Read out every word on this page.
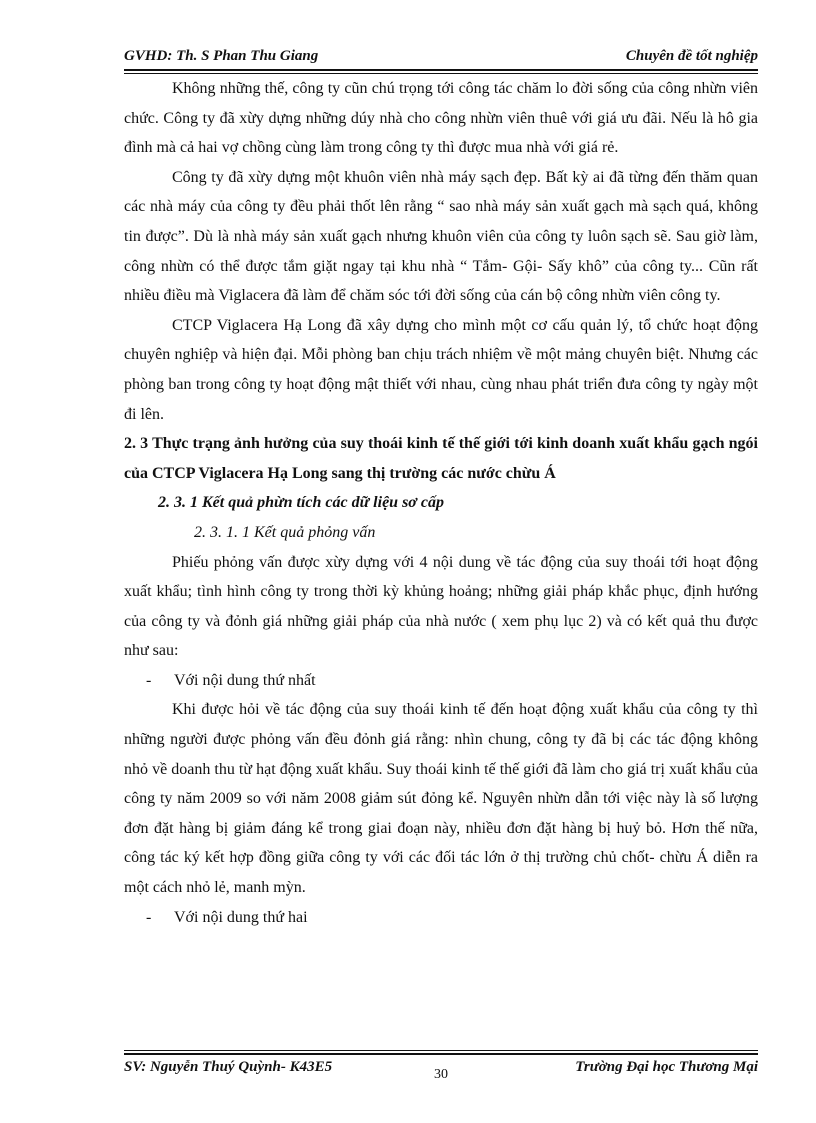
GVHD: Th. S Phan Thu Giang	Chuyên đề tốt nghiệp

Không những thế, công ty cũn chú trọng tới công tác chăm lo đời sống của công nhừn viên chức. Công ty đã xừy dựng những dúy nhà cho công nhừn viên thuê với giá ưu đãi. Nếu là hô gia đình mà cả hai vợ chồng cùng làm trong công ty thì được mua nhà với giá rẻ.

Công ty đã xừy dựng một khuôn viên nhà máy sạch đẹp. Bất kỳ ai đã từng đến thăm quan các nhà máy của công ty đều phải thốt lên rằng “ sao nhà máy sản xuất gạch mà sạch quá, không tin được”. Dù là nhà máy sản xuất gạch nhưng khuôn viên của công ty luôn sạch sẽ. Sau giờ làm, công nhừn có thể được tắm giặt ngay tại khu nhà “ Tắm- Gội- Sấy khô” của công ty... Cũn rất nhiều điều mà Viglacera đã làm để chăm sóc tới đời sống của cán bộ công nhừn viên công ty.

CTCP Viglacera Hạ Long đã xây dựng cho mình một cơ cấu quản lý, tổ chức hoạt động chuyên nghiệp và hiện đại. Mỗi phòng ban chịu trách nhiệm về một mảng chuyên biệt. Nhưng các phòng ban trong công ty hoạt động mật thiết với nhau, cùng nhau phát triển đưa công ty ngày một đi lên.

2. 3 Thực trạng ảnh hưởng của suy thoái kinh tế thế giới tới kinh doanh xuất khẩu gạch ngói của CTCP Viglacera Hạ Long sang thị trường các nước chừu Á

2. 3. 1 Kết quả phừn tích các dữ liệu sơ cấp

2. 3. 1. 1 Kết quả phỏng vấn

Phiếu phỏng vấn được xừy dựng với 4 nội dung về tác động của suy thoái tới hoạt động xuất khẩu; tình hình công ty trong thời kỳ khủng hoảng; những giải pháp khắc phục, định hướng của công ty và đỏnh giá những giải pháp của nhà nước ( xem phụ lục 2) và có kết quả thu được như sau:

-	Với nội dung thứ nhất

Khi được hỏi về tác động của suy thoái kinh tế đến hoạt động xuất khẩu của công ty thì những người được phỏng vấn đều đỏnh giá rằng: nhìn chung, công ty đã bị các tác động không nhỏ về doanh thu từ hạt động xuất khẩu. Suy thoái kinh tế thế giới đã làm cho giá trị xuất khẩu của công ty năm 2009 so với năm 2008 giảm sút đỏng kể. Nguyên nhừn dẫn tới việc này là số lượng đơn đặt hàng bị giảm đáng kể trong giai đoạn này, nhiều đơn đặt hàng bị huỷ bỏ. Hơn thế nữa, công tác ký kết hợp đồng giữa công ty với các đối tác lớn ở thị trường chủ chốt- chừu Á diễn ra một cách nhỏ lẻ, manh mỳn.

-	Với nội dung thứ hai
SV: Nguyễn Thuý Quỳnh- K43E5	30	Trường Đại học Thương Mại
